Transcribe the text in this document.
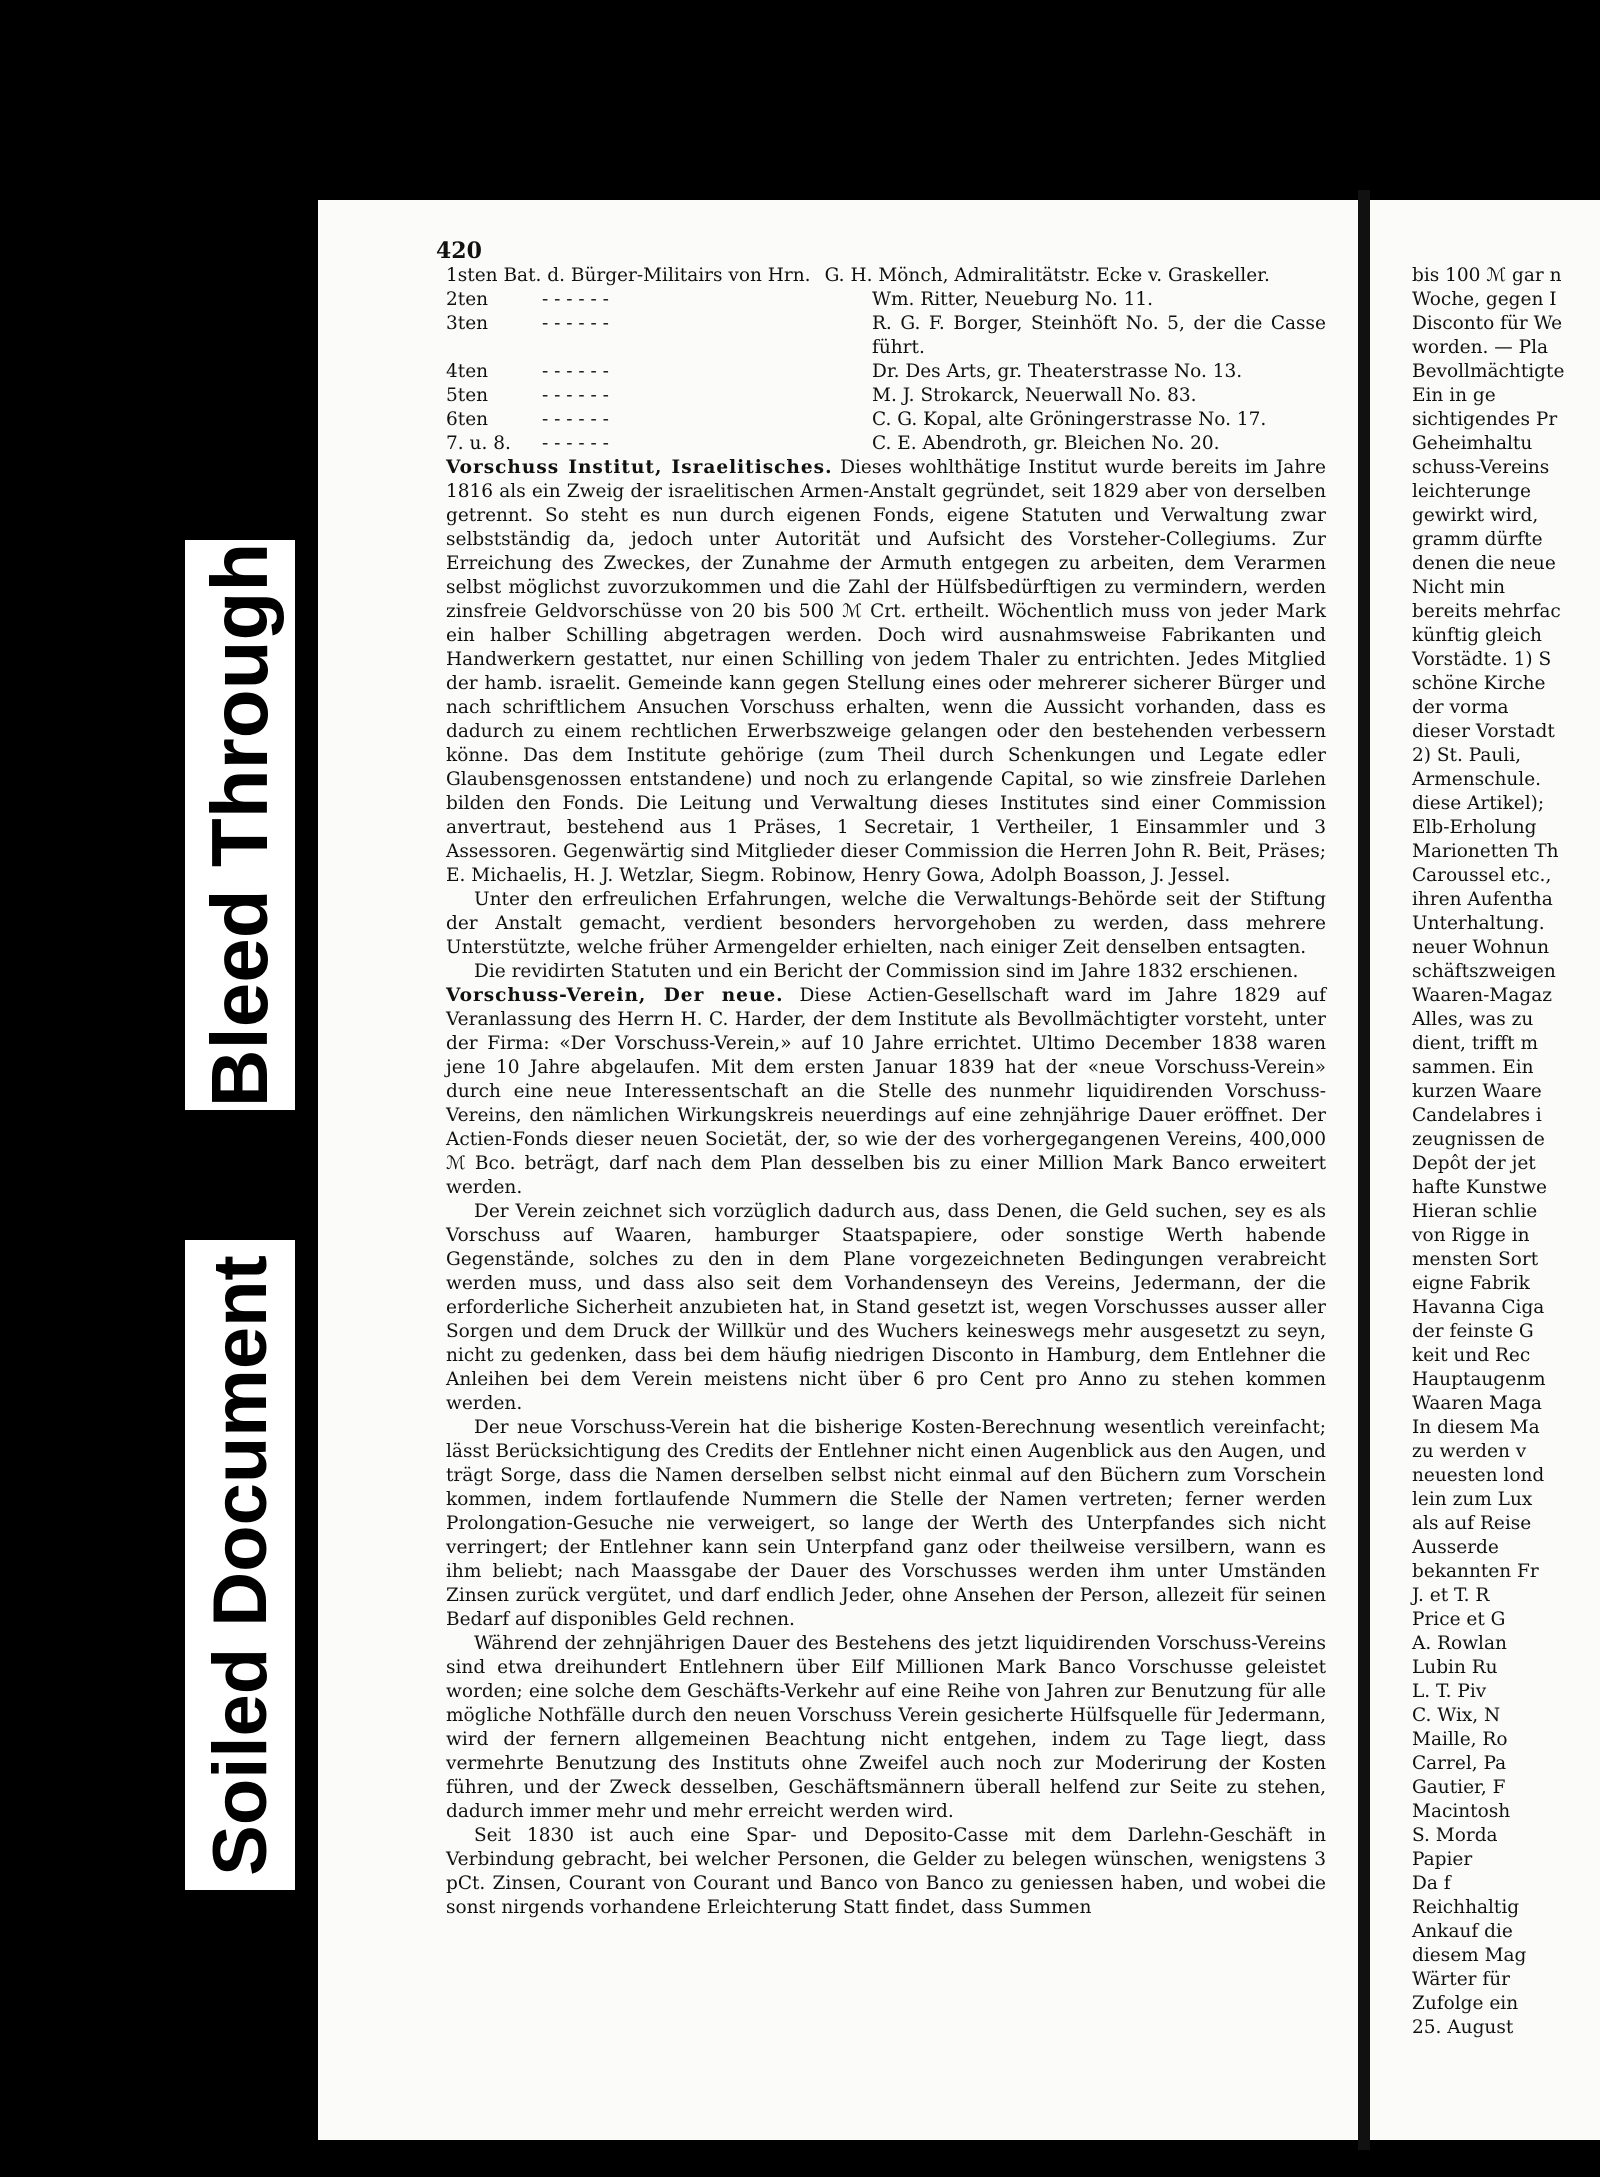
Bleed Through
Soiled Document
420
1sten Bat. d. Bürger-Militairs von Hrn. G. H. Mönch, Admiralitätstr. Ecke v. Graskeller.
2ten	- - - - - -	Wm. Ritter, Neueburg No. 11.
3ten	- - - - - -	R. G. F. Borger, Steinhöft No. 5, der die Casse führt.
4ten	- - - - - -	Dr. Des Arts, gr. Theaterstrasse No. 13.
5ten	- - - - - -	M. J. Strokarck, Neuerwall No. 83.
6ten	- - - - - -	C. G. Kopal, alte Gröningerstrasse No. 17.
7. u. 8.	- - - - - -	C. E. Abendroth, gr. Bleichen No. 20.

Vorschuss Institut, Israelitisches. Dieses wohlthätige Institut wurde bereits im Jahre 1816 als ein Zweig der israelitischen Armen-Anstalt gegründet, seit 1829 aber von derselben getrennt. So steht es nun durch eigenen Fonds, eigene Statuten und Verwaltung zwar selbstständig da, jedoch unter Autorität und Aufsicht des Vorsteher-Collegiums. Zur Erreichung des Zweckes, der Zunahme der Armuth entgegen zu arbeiten, dem Verarmen selbst möglichst zuvorzukommen und die Zahl der Hülfsbedürftigen zu vermindern, werden zinsfreie Geldvorschüsse von 20 bis 500 ℳ Crt. ertheilt. Wöchentlich muss von jeder Mark ein halber Schilling abgetragen werden. Doch wird ausnahmsweise Fabrikanten und Handwerkern gestattet, nur einen Schilling von jedem Thaler zu entrichten. Jedes Mitglied der hamb. israelit. Gemeinde kann gegen Stellung eines oder mehrerer sicherer Bürger und nach schriftlichem Ansuchen Vorschuss erhalten, wenn die Aussicht vorhanden, dass es dadurch zu einem rechtlichen Erwerbszweige gelangen oder den bestehenden verbessern könne. Das dem Institute gehörige (zum Theil durch Schenkungen und Legate edler Glaubensgenossen entstandene) und noch zu erlangende Capital, so wie zinsfreie Darlehen bilden den Fonds. Die Leitung und Verwaltung dieses Institutes sind einer Commission anvertraut, bestehend aus 1 Präses, 1 Secretair, 1 Vertheiler, 1 Einsammler und 3 Assessoren. Gegenwärtig sind Mitglieder dieser Commission die Herren John R. Beit, Präses; E. Michaelis, H. J. Wetzlar, Siegm. Robinow, Henry Gowa, Adolph Boasson, J. Jessel.

Unter den erfreulichen Erfahrungen, welche die Verwaltungs-Behörde seit der Stiftung der Anstalt gemacht, verdient besonders hervorgehoben zu werden, dass mehrere Unterstützte, welche früher Armengelder erhielten, nach einiger Zeit denselben entsagten.

Die revidirten Statuten und ein Bericht der Commission sind im Jahre 1832 erschienen.

Vorschuss-Verein, Der neue. Diese Actien-Gesellschaft ward im Jahre 1829 auf Veranlassung des Herrn H. C. Harder, der dem Institute als Bevollmächtigter vorsteht, unter der Firma: «Der Vorschuss-Verein,» auf 10 Jahre errichtet. Ultimo December 1838 waren jene 10 Jahre abgelaufen. Mit dem ersten Januar 1839 hat der «neue Vorschuss-Verein» durch eine neue Interessentschaft an die Stelle des nunmehr liquidirenden Vorschuss-Vereins, den nämlichen Wirkungskreis neuerdings auf eine zehnjährige Dauer eröffnet. Der Actien-Fonds dieser neuen Societät, der, so wie der des vorhergegangenen Vereins, 400,000 ℳ Bco. beträgt, darf nach dem Plan desselben bis zu einer Million Mark Banco erweitert werden.

Der Verein zeichnet sich vorzüglich dadurch aus, dass Denen, die Geld suchen, sey es als Vorschuss auf Waaren, hamburger Staatspapiere, oder sonstige Werth habende Gegenstände, solches zu den in dem Plane vorgezeichneten Bedingungen verabreicht werden muss, und dass also seit dem Vorhandenseyn des Vereins, Jedermann, der die erforderliche Sicherheit anzubieten hat, in Stand gesetzt ist, wegen Vorschusses ausser aller Sorgen und dem Druck der Willkür und des Wuchers keineswegs mehr ausgesetzt zu seyn, nicht zu gedenken, dass bei dem häufig niedrigen Disconto in Hamburg, dem Entlehner die Anleihen bei dem Verein meistens nicht über 6 pro Cent pro Anno zu stehen kommen werden.

Der neue Vorschuss-Verein hat die bisherige Kosten-Berechnung wesentlich vereinfacht; lässt Berücksichtigung des Credits der Entlehner nicht einen Augenblick aus den Augen, und trägt Sorge, dass die Namen derselben selbst nicht einmal auf den Büchern zum Vorschein kommen, indem fortlaufende Nummern die Stelle der Namen vertreten; ferner werden Prolongation-Gesuche nie verweigert, so lange der Werth des Unterpfandes sich nicht verringert; der Entlehner kann sein Unterpfand ganz oder theilweise versilbern, wann es ihm beliebt; nach Maassgabe der Dauer des Vorschusses werden ihm unter Umständen Zinsen zurück vergütet, und darf endlich Jeder, ohne Ansehen der Person, allezeit für seinen Bedarf auf disponibles Geld rechnen.

Während der zehnjährigen Dauer des Bestehens des jetzt liquidirenden Vorschuss-Vereins sind etwa dreihundert Entlehnern über Eilf Millionen Mark Banco Vorschusse geleistet worden; eine solche dem Geschäfts-Verkehr auf eine Reihe von Jahren zur Benutzung für alle mögliche Nothfälle durch den neuen Vorschuss Verein gesicherte Hülfsquelle für Jedermann, wird der fernern allgemeinen Beachtung nicht entgehen, indem zu Tage liegt, dass vermehrte Benutzung des Instituts ohne Zweifel auch noch zur Moderirung der Kosten führen, und der Zweck desselben, Geschäftsmännern überall helfend zur Seite zu stehen, dadurch immer mehr und mehr erreicht werden wird.

Seit 1830 ist auch eine Spar- und Deposito-Casse mit dem Darlehn-Geschäft in Verbindung gebracht, bei welcher Personen, die Gelder zu belegen wünschen, wenigstens 3 pCt. Zinsen, Courant von Courant und Banco von Banco zu geniessen haben, und wobei die sonst nirgends vorhandene Erleichterung Statt findet, dass Summen

bis 100 ℳ gar n
Woche, gegen I
Disconto für We
worden. — Pla
Bevollmächtigte
Ein in ge
sichtigendes Pr
Geheimhaltu
schuss-Vereins
leichterunge
gewirkt wird,
gramm dürfte
denen die neue
Nicht min
bereits mehrfac
künftig gleich
Vorstädte. 1) S
schöne Kirche
der vorma
dieser Vorstadt
2) St. Pauli,
Armenschule.
diese Artikel);
Elb-Erholung
Marionetten Th
Caroussel etc.,
ihren Aufentha
Unterhaltung.
neuer Wohnun
schäftszweigen
Waaren-Magaz
Alles, was zu
dient, trifft m
sammen. Ein
kurzen Waare
Candelabres i
zeugnissen de
Depôt der jet
hafte Kunstwe
Hieran schlie
von Rigge in
mensten Sort
eigne Fabrik
Havanna Ciga
der feinste G
keit und Rec
Hauptaugenm
Waaren Maga
In diesem Ma
zu werden v
neuesten lond
lein zum Lux
als auf Reise
Ausserde
bekannten Fr
J. et T. R
Price et G
A. Rowlan
Lubin Ru
L. T. Piv
C. Wix, N
Maille, Ro
Carrel, Pa
Gautier, F
Macintosh
S. Morda
Papier
Da f
Reichhaltig
Ankauf die
diesem Mag
Wärter für
Zufolge ein
25. August
